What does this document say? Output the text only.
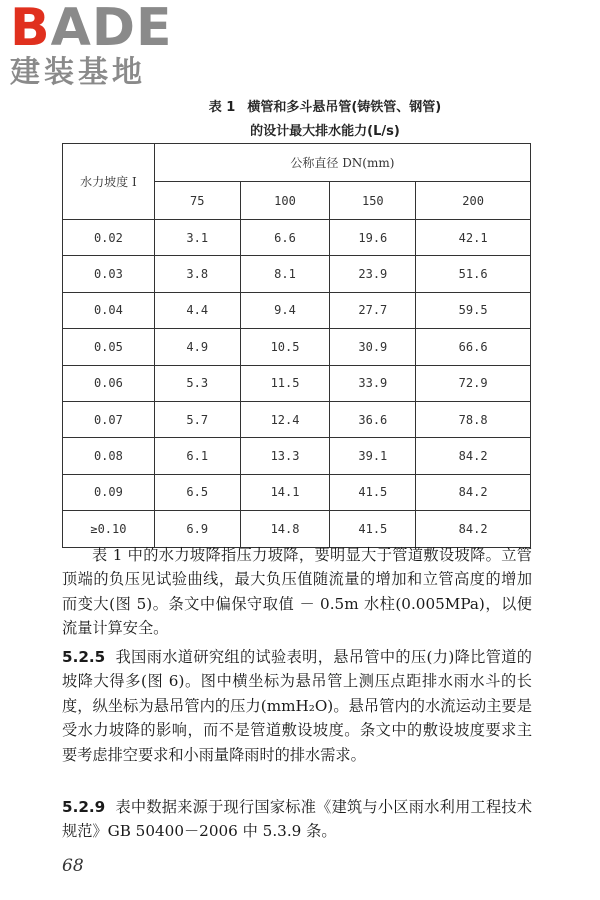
BADE
建装基地
表 1 横管和多斗悬吊管(铸铁管、钢管)
的设计最大排水能力(L/s)
水力坡度 I	公称直径 DN(mm)			
	75	100	150	200
0.02	3.1	6.6	19.6	42.1
0.03	3.8	8.1	23.9	51.6
0.04	4.4	9.4	27.7	59.5
0.05	4.9	10.5	30.9	66.6
0.06	5.3	11.5	33.9	72.9
0.07	5.7	12.4	36.6	78.8
0.08	6.1	13.3	39.1	84.2
0.09	6.5	14.1	41.5	84.2
≥0.10	6.9	14.8	41.5	84.2
表 1 中的水力坡降指压力坡降，要明显大于管道敷设坡降。立管顶端的负压见试验曲线，最大负压值随流量的增加和立管高度的增加而变大(图 5)。条文中偏保守取值 － 0.5m 水柱(0.005MPa)，以便流量计算安全。
5.2.5 我国雨水道研究组的试验表明，悬吊管中的压(力)降比管道的坡降大得多(图 6)。图中横坐标为悬吊管上测压点距排水雨水斗的长度，纵坐标为悬吊管内的压力(mmH₂O)。悬吊管内的水流运动主要是受水力坡降的影响，而不是管道敷设坡度。条文中的敷设坡度要求主要考虑排空要求和小雨量降雨时的排水需求。
5.2.9 表中数据来源于现行国家标准《建筑与小区雨水利用工程技术规范》GB 50400－2006 中 5.3.9 条。
68
